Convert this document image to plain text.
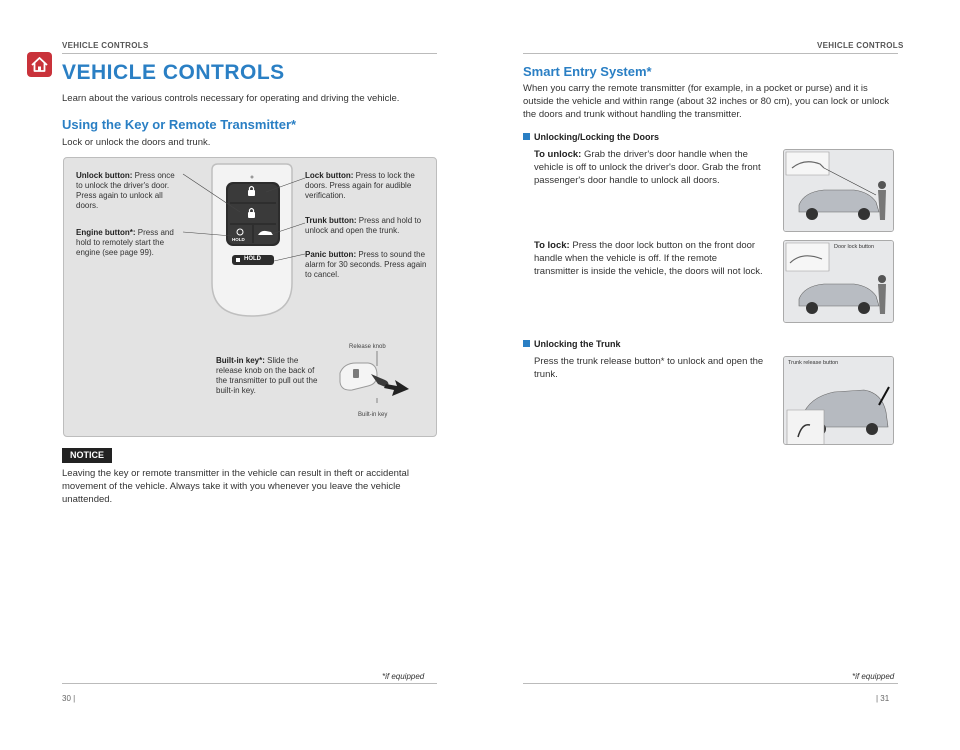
VEHICLE CONTROLS
VEHICLE CONTROLS
Learn about the various controls necessary for operating and driving the vehicle.
Using the Key or Remote Transmitter*
Lock or unlock the doors and trunk.
HOLD
HOLD
Unlock button: Press once to unlock the driver's door. Press again to unlock all doors.
Engine button*: Press and hold to remotely start the engine (see page 99).
Lock button: Press to lock the doors. Press again for audible verification.
Trunk button: Press and hold to unlock and open the trunk.
Panic button: Press to sound the alarm for 30 seconds. Press again to cancel.
Built-in key*: Slide the release knob on the back of the transmitter to pull out the built-in key.
Release knob
Built-in key
NOTICE
Leaving the key or remote transmitter in the vehicle can result in theft or accidental movement of the vehicle. Always take it with you whenever you leave the vehicle unattended.
*if equipped
30 |
VEHICLE CONTROLS
Smart Entry System*
When you carry the remote transmitter (for example, in a pocket or purse) and it is outside the vehicle and within range (about 32 inches or 80 cm), you can lock or unlock the doors and trunk without handling the transmitter.
Unlocking/Locking the Doors
To unlock: Grab the driver's door handle when the vehicle is off to unlock the driver's door. Grab the front passenger's door handle to unlock all doors.
To lock: Press the door lock button on the front door handle when the vehicle is off. If the remote transmitter is inside the vehicle, the doors will not lock.
Door lock button
Unlocking the Trunk
Press the trunk release button* to unlock and open the trunk.
Trunk release button
*if equipped
| 31
